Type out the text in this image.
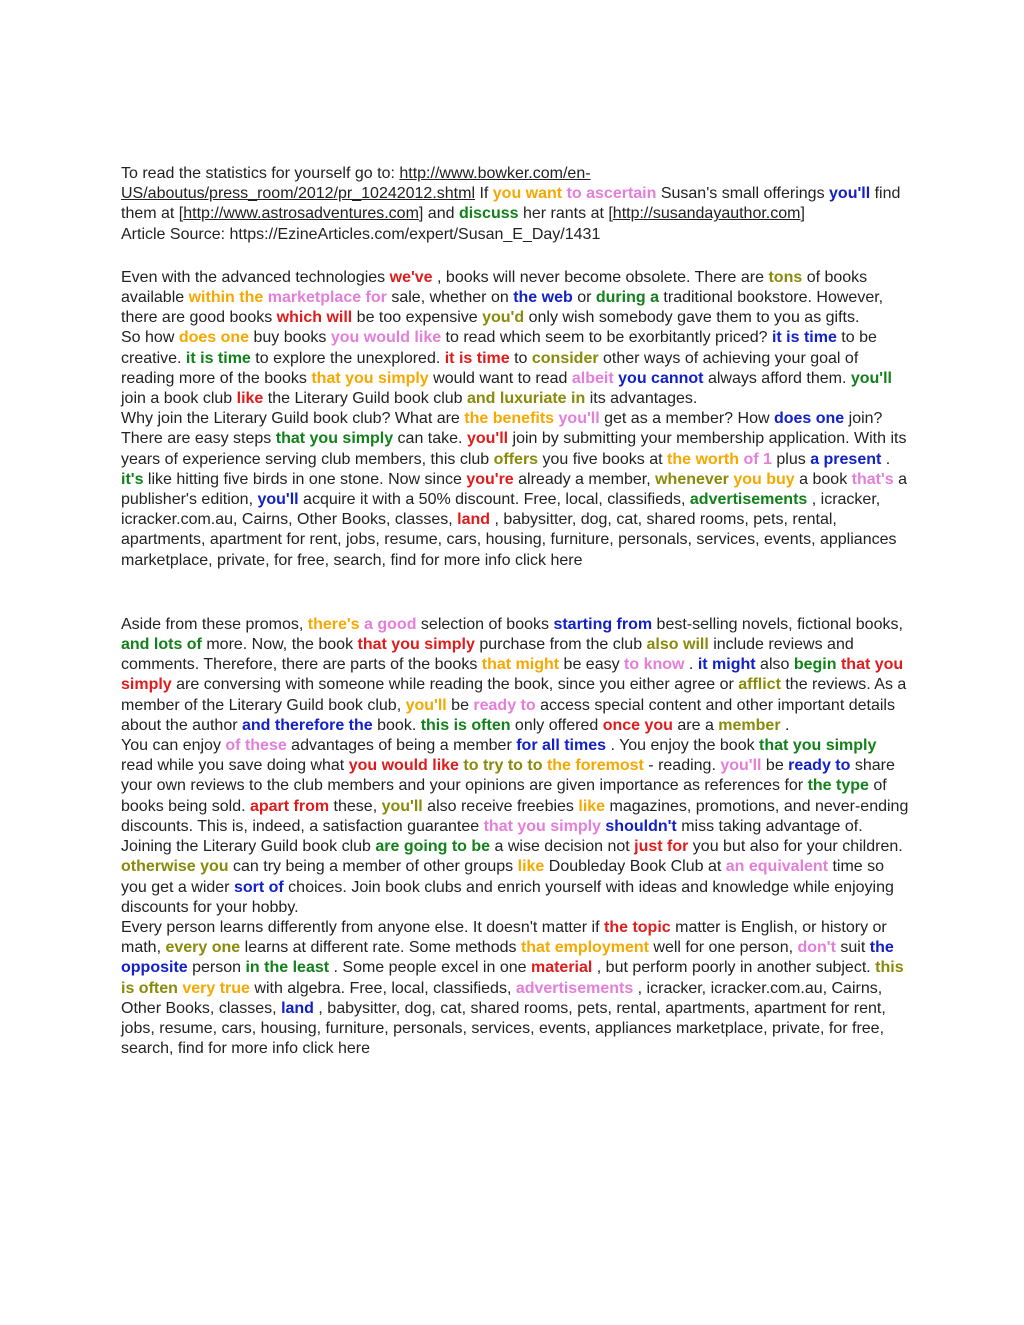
To read the statistics for yourself go to: http://www.bowker.com/en-US/aboutus/press_room/2012/pr_10242012.shtml If you want to ascertain Susan's small offerings you'll find them at [http://www.astrosadventures.com] and discuss her rants at [http://susandayauthor.com]

Article Source: https://EzineArticles.com/expert/Susan_E_Day/1431

Even with the advanced technologies we've , books will never become obsolete. There are tons of books available within the marketplace for sale, whether on the web or during a traditional bookstore. However, there are good books which will be too expensive you'd only wish somebody gave them to you as gifts.

So how does one buy books you would like to read which seem to be exorbitantly priced? it is time to be creative. it is time to explore the unexplored. it is time to consider other ways of achieving your goal of reading more of the books that you simply would want to read albeit you cannot always afford them. you'll join a book club like the Literary Guild book club and luxuriate in its advantages.

Why join the Literary Guild book club? What are the benefits you'll get as a member? How does one join? There are easy steps that you simply can take. you'll join by submitting your membership application. With its years of experience serving club members, this club offers you five books at the worth of 1 plus a present . it's like hitting five birds in one stone. Now since you're already a member, whenever you buy a book that's a publisher's edition, you'll acquire it with a 50% discount. Free, local, classifieds, advertisements , icracker, icracker.com.au, Cairns, Other Books, classes, land , babysitter, dog, cat, shared rooms, pets, rental, apartments, apartment for rent, jobs, resume, cars, housing, furniture, personals, services, events, appliances marketplace, private, for free, search, find for more info click here

Aside from these promos, there's a good selection of books starting from best-selling novels, fictional books, and lots of more. Now, the book that you simply purchase from the club also will include reviews and comments. Therefore, there are parts of the books that might be easy to know . it might also begin that you simply are conversing with someone while reading the book, since you either agree or afflict the reviews. As a member of the Literary Guild book club, you'll be ready to access special content and other important details about the author and therefore the book. this is often only offered once you are a member .

You can enjoy of these advantages of being a member for all times . You enjoy the book that you simply read while you save doing what you would like to try to to the foremost - reading. you'll be ready to share your own reviews to the club members and your opinions are given importance as references for the type of books being sold. apart from these, you'll also receive freebies like magazines, promotions, and never-ending discounts. This is, indeed, a satisfaction guarantee that you simply shouldn't miss taking advantage of.

Joining the Literary Guild book club are going to be a wise decision not just for you but also for your children. otherwise you can try being a member of other groups like Doubleday Book Club at an equivalent time so you get a wider sort of choices. Join book clubs and enrich yourself with ideas and knowledge while enjoying discounts for your hobby.

Every person learns differently from anyone else. It doesn't matter if the topic matter is English, or history or math, every one learns at different rate. Some methods that employment well for one person, don't suit the opposite person in the least . Some people excel in one material , but perform poorly in another subject. this is often very true with algebra. Free, local, classifieds, advertisements , icracker, icracker.com.au, Cairns, Other Books, classes, land , babysitter, dog, cat, shared rooms, pets, rental, apartments, apartment for rent, jobs, resume, cars, housing, furniture, personals, services, events, appliances marketplace, private, for free, search, find for more info click here
